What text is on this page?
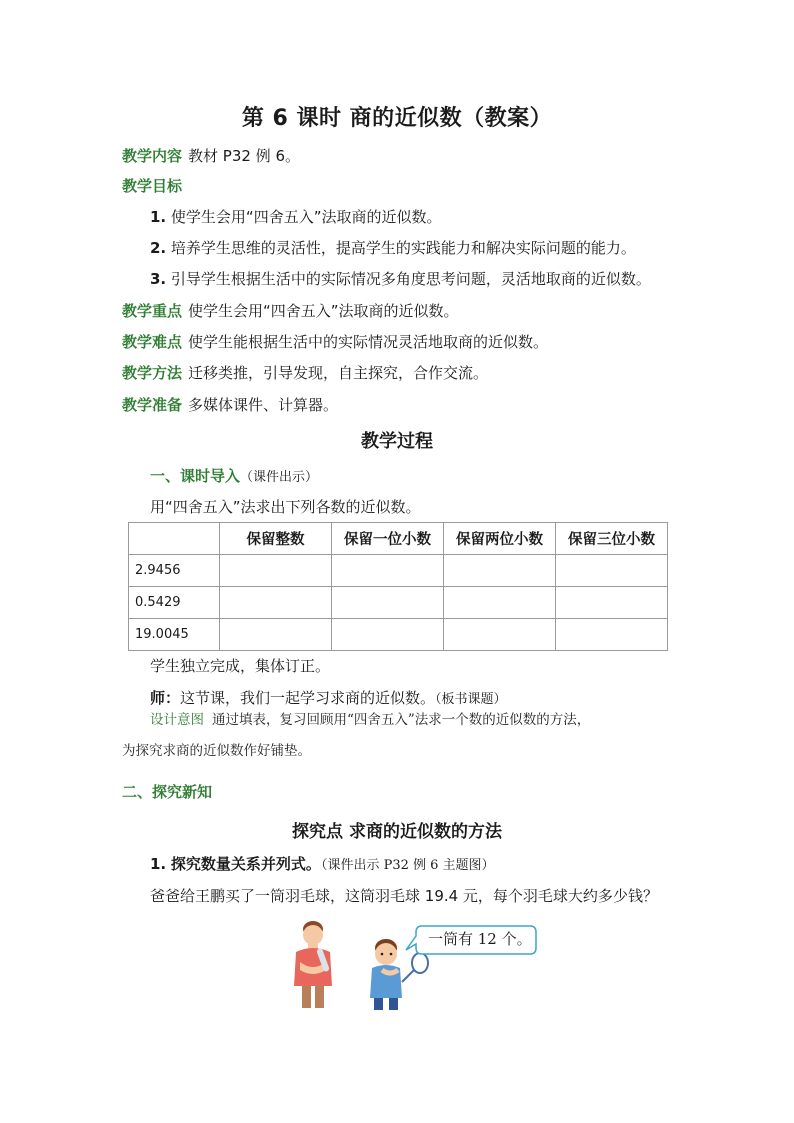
第 6 课时 商的近似数（教案）
教学内容 教材 P32 例 6。
教学目标
1. 使学生会用“四舍五入”法取商的近似数。
2. 培养学生思维的灵活性，提高学生的实践能力和解决实际问题的能力。
3. 引导学生根据生活中的实际情况多角度思考问题，灵活地取商的近似数。
教学重点 使学生会用“四舍五入”法取商的近似数。
教学难点 使学生能根据生活中的实际情况灵活地取商的近似数。
教学方法 迁移类推，引导发现，自主探究，合作交流。
教学准备 多媒体课件、计算器。
教学过程
一、课时导入（课件出示）
用“四舍五入”法求出下列各数的近似数。
	保留整数	保留一位小数	保留两位小数	保留三位小数
2.9456				
0.5429				
19.0045				
学生独立完成，集体订正。
师：这节课，我们一起学习求商的近似数。（板书课题）
设计意图 通过填表，复习回顾用“四舍五入”法求一个数的近似数的方法，
为探究求商的近似数作好铺垫。
二、探究新知
探究点 求商的近似数的方法
1. 探究数量关系并列式。（课件出示 P32 例 6 主题图）
爸爸给王鹏买了一筒羽毛球，这筒羽毛球 19.4 元，每个羽毛球大约多少钱？
一筒有 12 个。
